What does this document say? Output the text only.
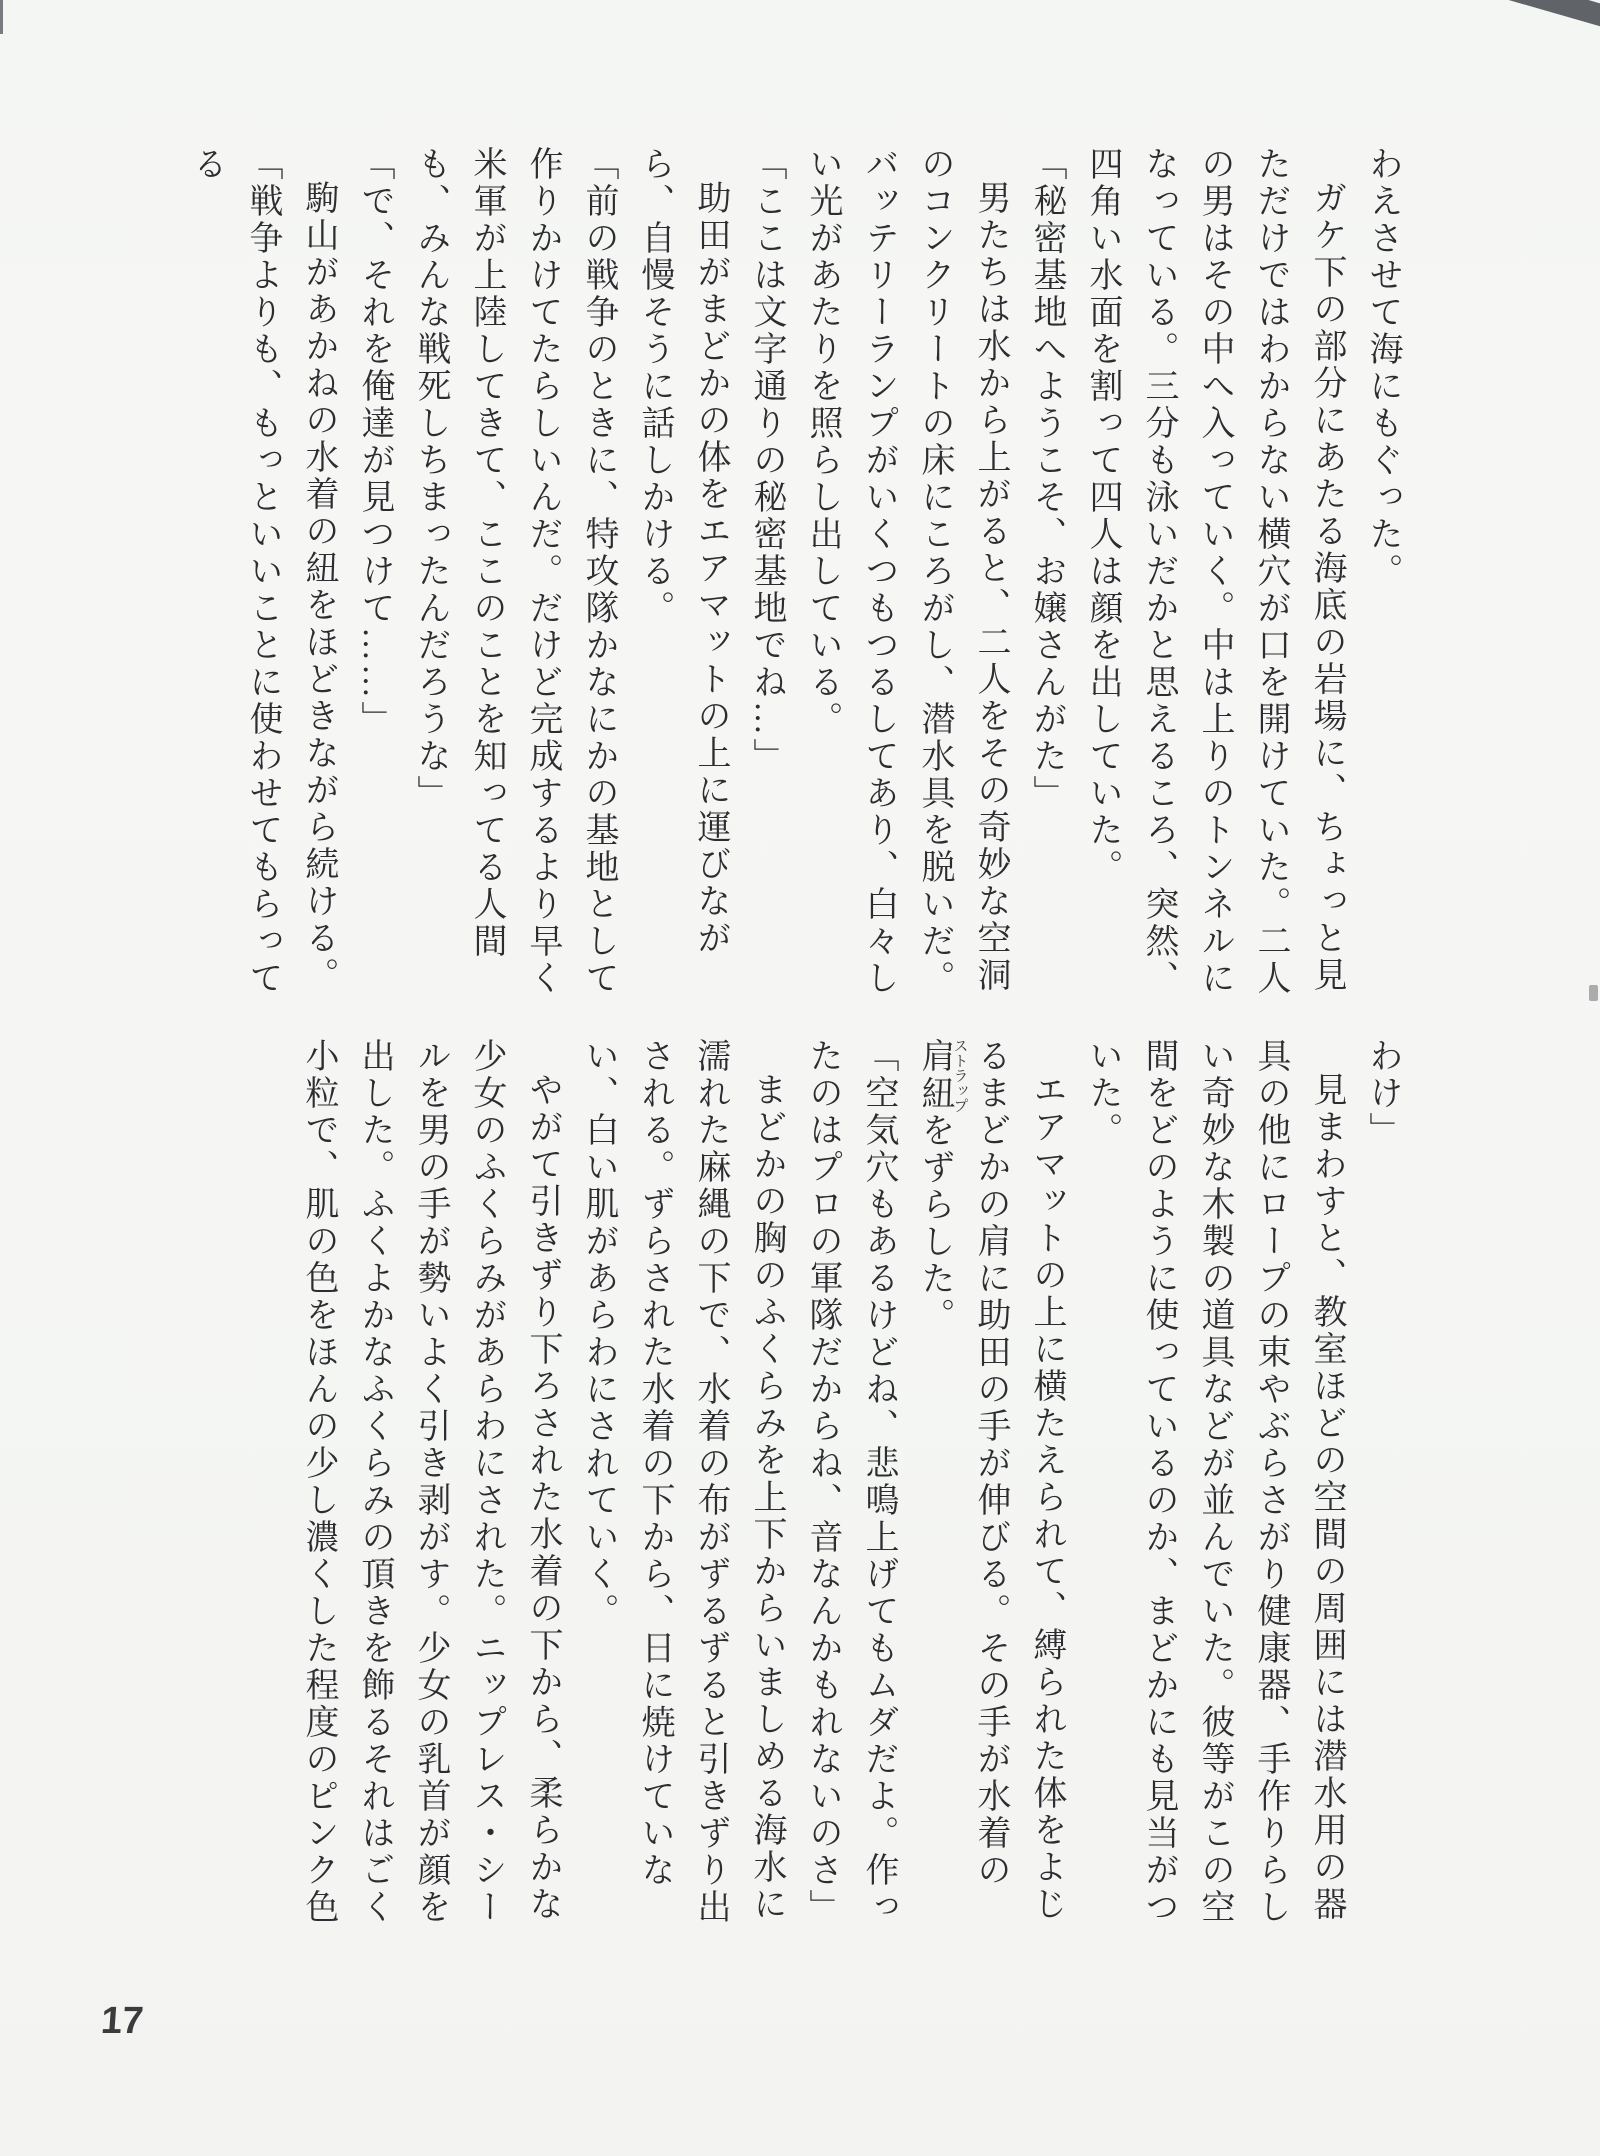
わえさせて海にもぐった。

ガケ下の部分にあたる海底の岩場に、ちょっと見ただけではわからない横穴が口を開けていた。二人の男はその中へ入っていく。中は上りのトンネルになっている。三分も泳いだかと思えるころ、突然、四角い水面を割って四人は顔を出していた。

「秘密基地へようこそ、お嬢さんがた」

男たちは水から上がると、二人をその奇妙な空洞のコンクリートの床にころがし、潜水具を脱いだ。バッテリーランプがいくつもつるしてあり、白々しい光があたりを照らし出している。

「ここは文字通りの秘密基地でね…」

助田がまどかの体をエアマットの上に運びながら、自慢そうに話しかける。

「前の戦争のときに、特攻隊かなにかの基地として作りかけてたらしいんだ。だけど完成するより早く米軍が上陸してきて、ここのことを知ってる人間も、みんな戦死しちまったんだろうな」

「で、それを俺達が見つけて……」

駒山があかねの水着の紐をほどきながら続ける。

「戦争よりも、もっといいことに使わせてもらってる

わけ」

見まわすと、教室ほどの空間の周囲には潜水用の器具の他にロープの束やぶらさがり健康器、手作りらしい奇妙な木製の道具などが並んでいた。彼等がこの空間をどのように使っているのか、まどかにも見当がついた。

エアマットの上に横たえられて、縛られた体をよじるまどかの肩に助田の手が伸びる。その手が水着の肩紐ストラップをずらした。

「空気穴もあるけどね、悲鳴上げてもムダだよ。作ったのはプロの軍隊だからね、音なんかもれないのさ」

まどかの胸のふくらみを上下からいましめる海水に濡れた麻縄の下で、水着の布がずるずると引きずり出される。ずらされた水着の下から、日に焼けていない、白い肌があらわにされていく。

やがて引きずり下ろされた水着の下から、柔らかな少女のふくらみがあらわにされた。ニップレス・シールを男の手が勢いよく引き剥がす。少女の乳首が顔を出した。ふくよかなふくらみの頂きを飾るそれはごく小粒で、肌の色をほんの少し濃くした程度のピンク色

17
